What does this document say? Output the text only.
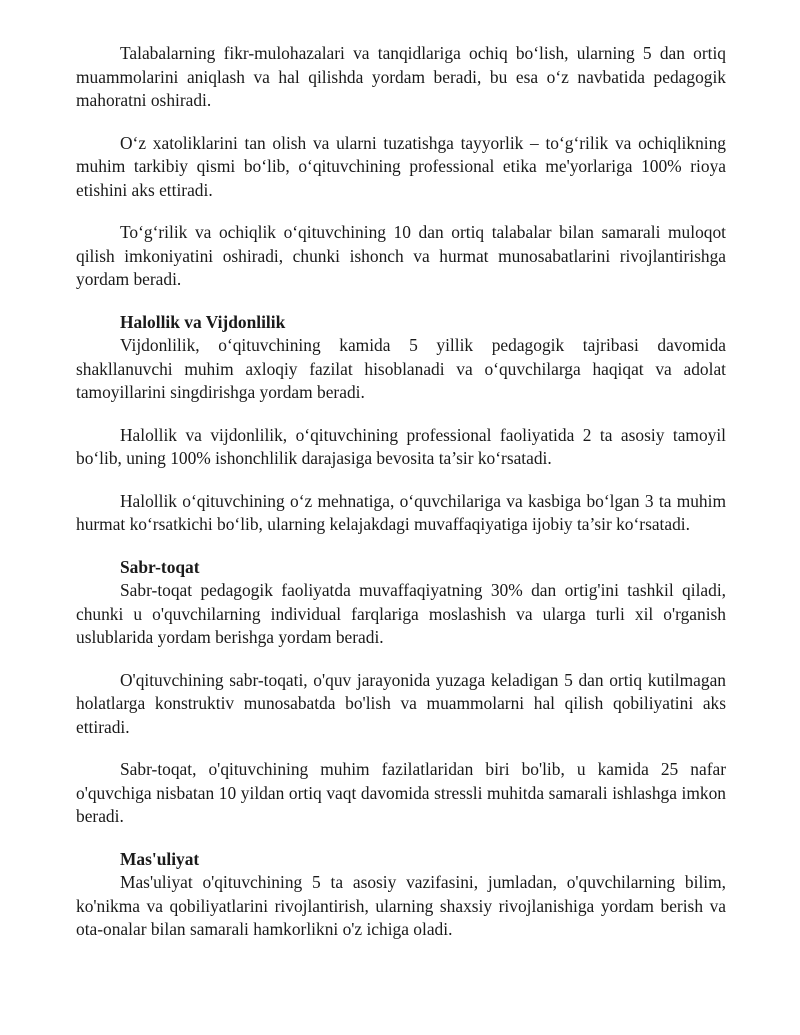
Talabalarning fikr-mulohazalari va tanqidlariga ochiq bo‘lish, ularning 5 dan ortiq muammolarini aniqlash va hal qilishda yordam beradi, bu esa o‘z navbatida pedagogik mahoratni oshiradi.

O‘z xatoliklarini tan olish va ularni tuzatishga tayyorlik – to‘g‘rilik va ochiqlikning muhim tarkibiy qismi bo‘lib, o‘qituvchining professional etika me'yorlariga 100% rioya etishini aks ettiradi.

To‘g‘rilik va ochiqlik o‘qituvchining 10 dan ortiq talabalar bilan samarali muloqot qilish imkoniyatini oshiradi, chunki ishonch va hurmat munosabatlarini rivojlantirishga yordam beradi.

Halollik va Vijdonlilik

Vijdonlilik, o‘qituvchining kamida 5 yillik pedagogik tajribasi davomida shakllanuvchi muhim axloqiy fazilat hisoblanadi va o‘quvchilarga haqiqat va adolat tamoyillarini singdirishga yordam beradi.

Halollik va vijdonlilik, o‘qituvchining professional faoliyatida 2 ta asosiy tamoyil bo‘lib, uning 100% ishonchlilik darajasiga bevosita ta’sir ko‘rsatadi.

Halollik o‘qituvchining o‘z mehnatiga, o‘quvchilariga va kasbiga bo‘lgan 3 ta muhim hurmat ko‘rsatkichi bo‘lib, ularning kelajakdagi muvaffaqiyatiga ijobiy ta’sir ko‘rsatadi.

Sabr-toqat

Sabr-toqat pedagogik faoliyatda muvaffaqiyatning 30% dan ortig'ini tashkil qiladi, chunki u o'quvchilarning individual farqlariga moslashish va ularga turli xil o'rganish uslublarida yordam berishga yordam beradi.

O'qituvchining sabr-toqati, o'quv jarayonida yuzaga keladigan 5 dan ortiq kutilmagan holatlarga konstruktiv munosabatda bo'lish va muammolarni hal qilish qobiliyatini aks ettiradi.

Sabr-toqat, o'qituvchining muhim fazilatlaridan biri bo'lib, u kamida 25 nafar o'quvchiga nisbatan 10 yildan ortiq vaqt davomida stressli muhitda samarali ishlashga imkon beradi.

Mas'uliyat

Mas'uliyat o'qituvchining 5 ta asosiy vazifasini, jumladan, o'quvchilarning bilim, ko'nikma va qobiliyatlarini rivojlantirish, ularning shaxsiy rivojlanishiga yordam berish va ota-onalar bilan samarali hamkorlikni o'z ichiga oladi.
